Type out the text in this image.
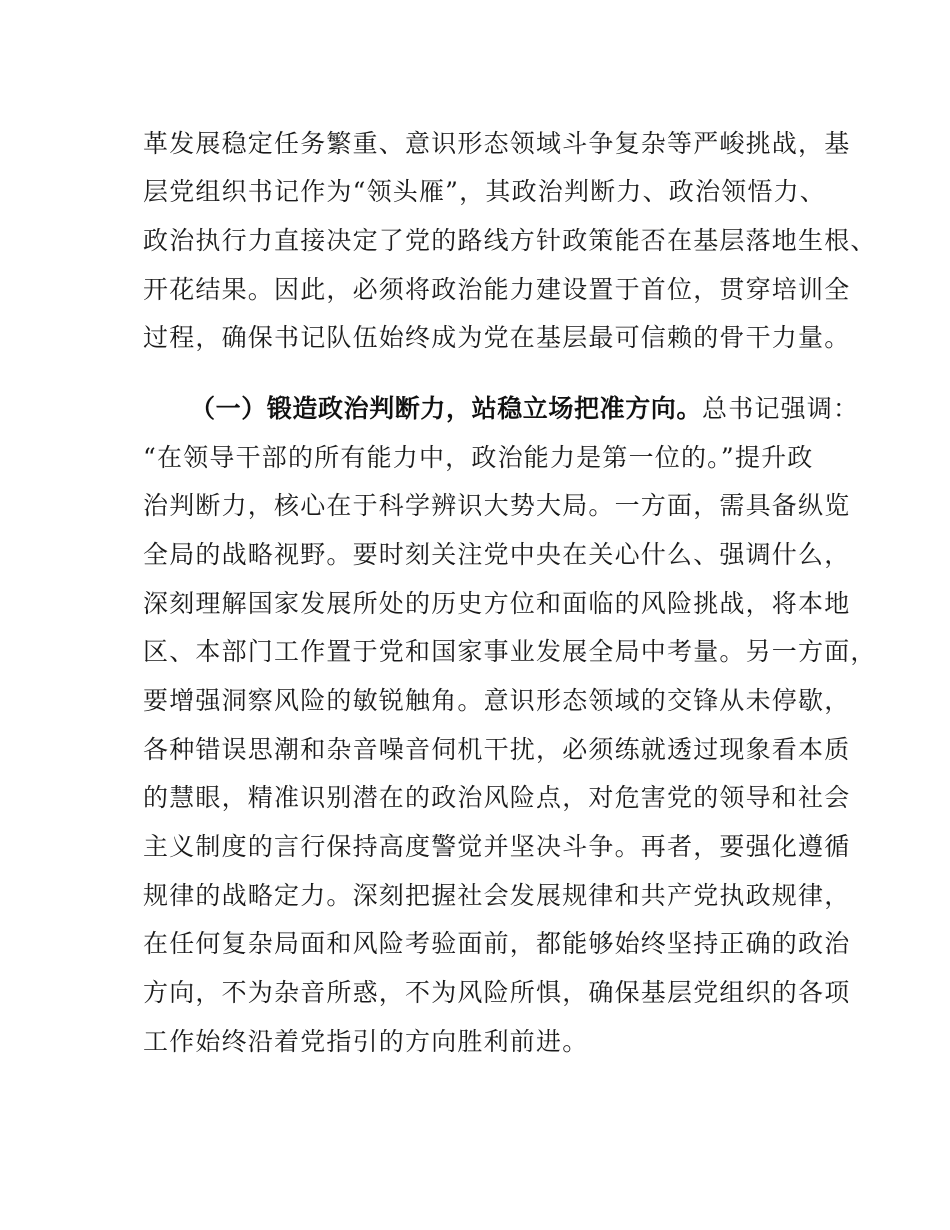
革发展稳定任务繁重、意识形态领域斗争复杂等严峻挑战，基
层党组织书记作为“领头雁”，其政治判断力、政治领悟力、
政治执行力直接决定了党的路线方针政策能否在基层落地生根、
开花结果。因此，必须将政治能力建设置于首位，贯穿培训全
过程，确保书记队伍始终成为党在基层最可信赖的骨干力量。
（一）锻造政治判断力，站稳立场把准方向。总书记强调：
“在领导干部的所有能力中，政治能力是第一位的。”提升政
治判断力，核心在于科学辨识大势大局。一方面，需具备纵览
全局的战略视野。要时刻关注党中央在关心什么、强调什么，
深刻理解国家发展所处的历史方位和面临的风险挑战，将本地
区、本部门工作置于党和国家事业发展全局中考量。另一方面，
要增强洞察风险的敏锐触角。意识形态领域的交锋从未停歇，
各种错误思潮和杂音噪音伺机干扰，必须练就透过现象看本质
的慧眼，精准识别潜在的政治风险点，对危害党的领导和社会
主义制度的言行保持高度警觉并坚决斗争。再者，要强化遵循
规律的战略定力。深刻把握社会发展规律和共产党执政规律，
在任何复杂局面和风险考验面前，都能够始终坚持正确的政治
方向，不为杂音所惑，不为风险所惧，确保基层党组织的各项
工作始终沿着党指引的方向胜利前进。
